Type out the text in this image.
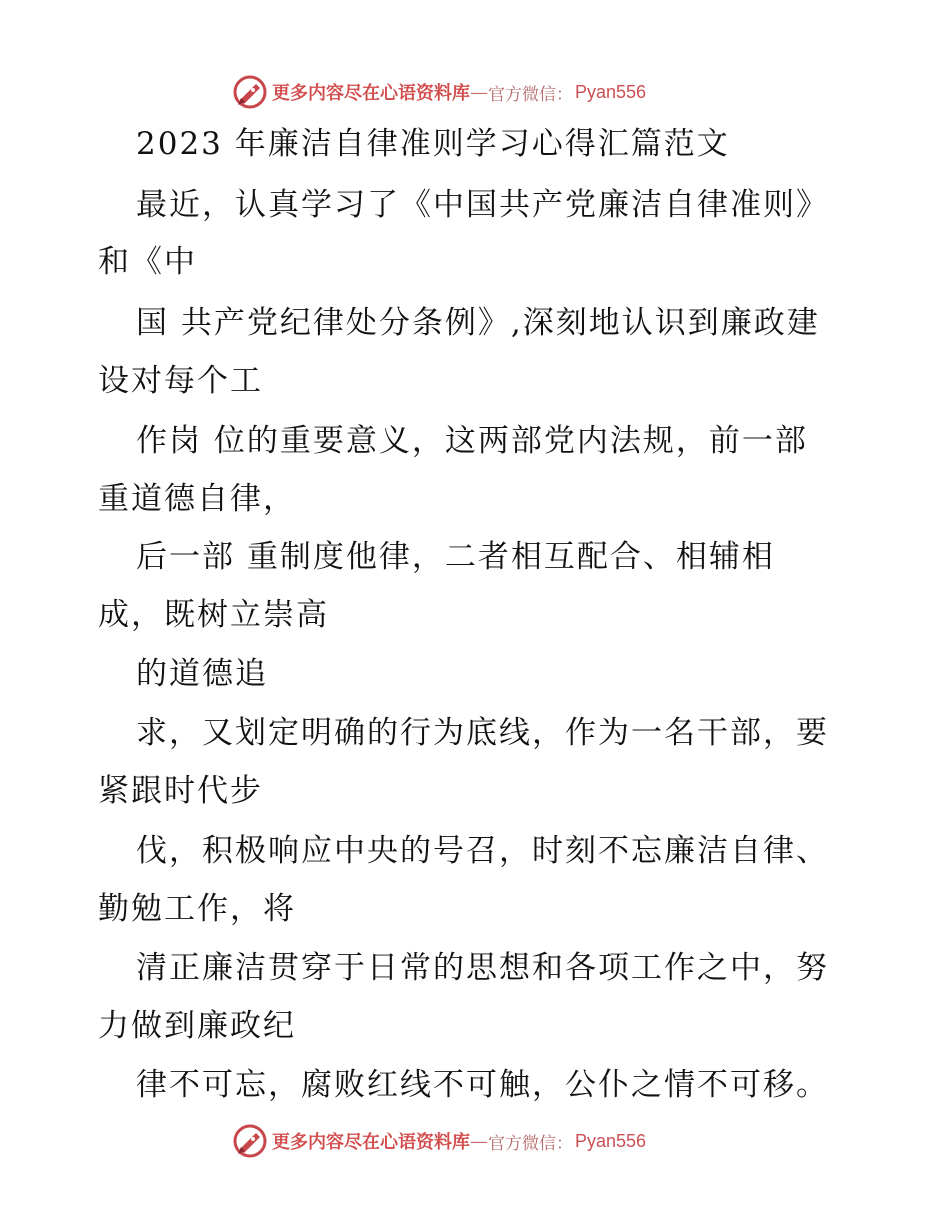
更多内容尽在心语资料库 — 官方微信： Pyan556
2023 年廉洁自律准则学习心得汇篇范文
最近，认真学习了《中国共产党廉洁自律准则》
和《中
国 共产党纪律处分条例》,深刻地认识到廉政建
设对每个工
作岗 位的重要意义，这两部党内法规，前一部
重道德自律，
后一部 重制度他律，二者相互配合、相辅相
成，既树立崇高
的道德追
求，又划定明确的行为底线，作为一名干部，要
紧跟时代步
伐，积极响应中央的号召，时刻不忘廉洁自律、
勤勉工作，将
清正廉洁贯穿于日常的思想和各项工作之中，努
力做到廉政纪
律不可忘，腐败红线不可触，公仆之情不可移。
更多内容尽在心语资料库 — 官方微信： Pyan556
